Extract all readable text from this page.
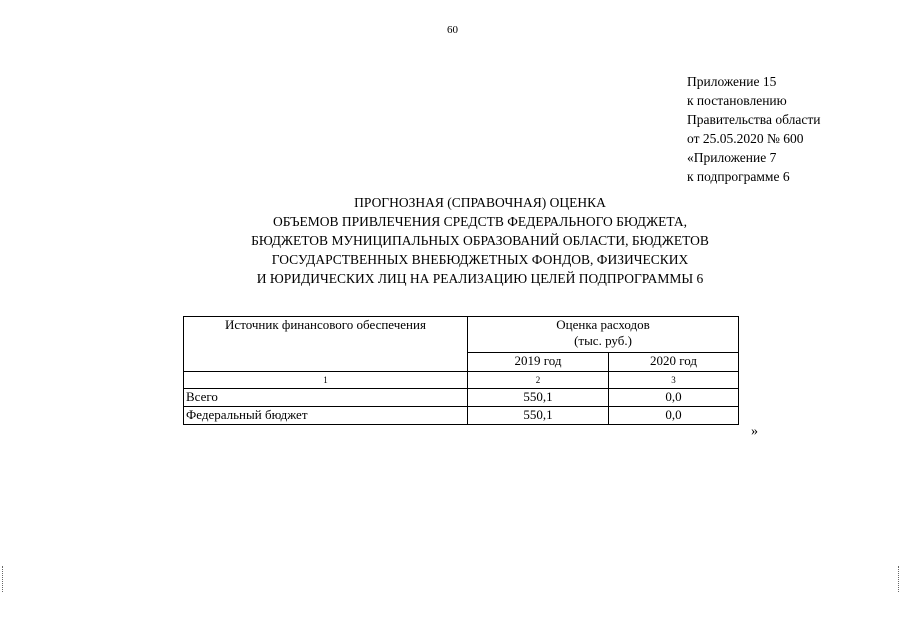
60
Приложение 15
к постановлению
Правительства области
от 25.05.2020 № 600
«Приложение 7
к подпрограмме 6
ПРОГНОЗНАЯ (СПРАВОЧНАЯ) ОЦЕНКА
ОБЪЕМОВ ПРИВЛЕЧЕНИЯ СРЕДСТВ ФЕДЕРАЛЬНОГО БЮДЖЕТА,
БЮДЖЕТОВ МУНИЦИПАЛЬНЫХ ОБРАЗОВАНИЙ ОБЛАСТИ, БЮДЖЕТОВ
ГОСУДАРСТВЕННЫХ ВНЕБЮДЖЕТНЫХ ФОНДОВ, ФИЗИЧЕСКИХ
И ЮРИДИЧЕСКИХ ЛИЦ НА РЕАЛИЗАЦИЮ ЦЕЛЕЙ ПОДПРОГРАММЫ 6
Источник финансового обеспечения	Оценка расходов
(тыс. руб.)	

	2019 год	2020 год
1	2	3
Всего	550,1	0,0
Федеральный бюджет	550,1	0,0
»
